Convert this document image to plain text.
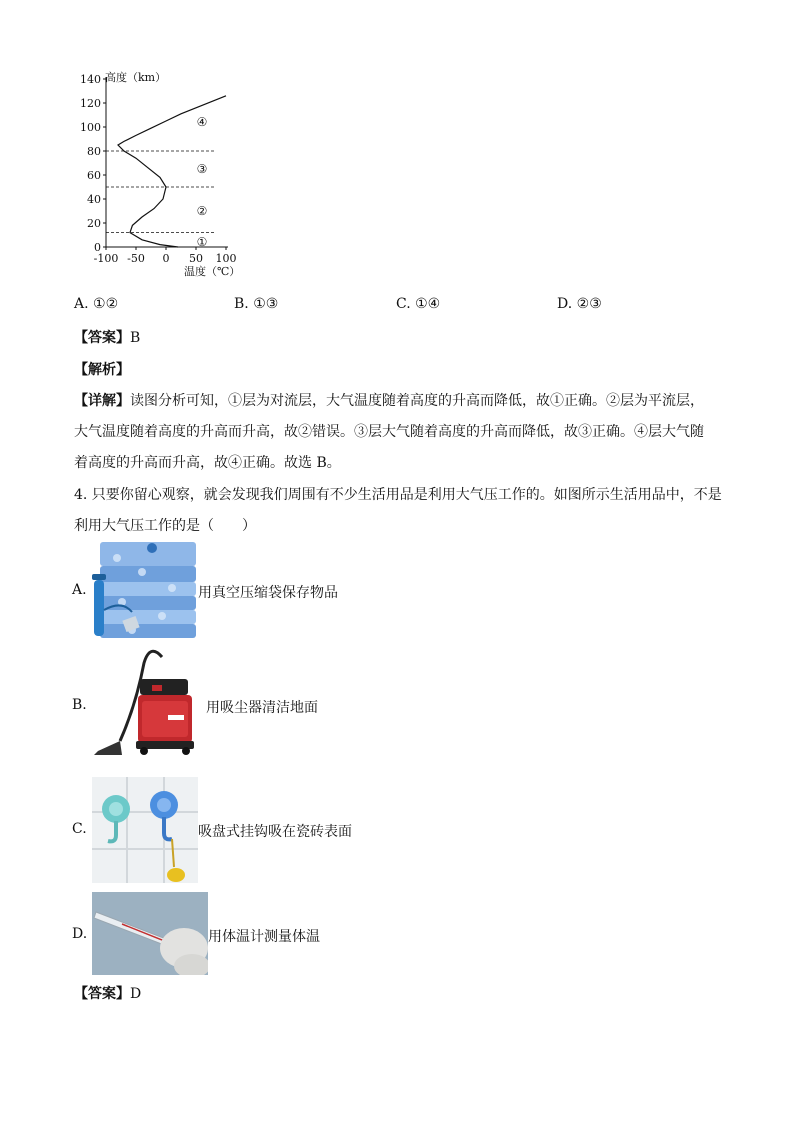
0
20
40
60
80
100
120
140
-100 -50 0 50 100
①
②
③
④
高度（km）
温度（℃）
A. ①②	B. ①③	C. ①④	D. ②③
【答案】B
【解析】
【详解】读图分析可知，①层为对流层，大气温度随着高度的升高而降低，故①正确。②层为平流层，
大气温度随着高度的升高而升高，故②错误。③层大气随着高度的升高而降低，故③正确。④层大气随
着高度的升高而升高，故④正确。故选 B。
4. 只要你留心观察，就会发现我们周围有不少生活用品是利用大气压工作的。如图所示生活用品中，不是
利用大气压工作的是（　　）
A.	用真空压缩袋保存物品
B.	用吸尘器清洁地面
C.	吸盘式挂钩吸在瓷砖表面
D.	用体温计测量体温
【答案】D
